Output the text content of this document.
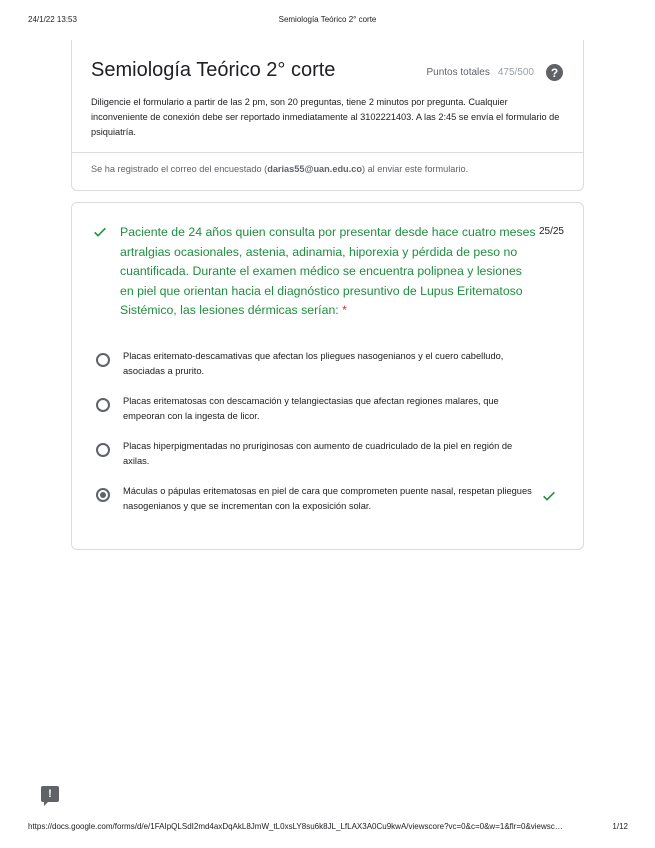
24/1/22 13:53	Semiología Teórico 2° corte
Semiología Teórico 2° corte	Puntos totales 475/500	?
Diligencie el formulario a partir de las 2 pm, son 20 preguntas, tiene 2 minutos por pregunta. Cualquier inconveniente de conexión debe ser reportado inmediatamente al 3102221403. A las 2:45 se envía el formulario de psiquiatría.
Se ha registrado el correo del encuestado (darias55@uan.edu.co) al enviar este formulario.
Paciente de 24 años quien consulta por presentar desde hace cuatro meses artralgias ocasionales, astenia, adinamia, hiporexia y pérdida de peso no cuantificada. Durante el examen médico se encuentra polipnea y lesiones en piel que orientan hacia el diagnóstico presuntivo de Lupus Eritematoso Sistémico, las lesiones dérmicas serían: *
25/25
Placas eritemato-descamativas que afectan los pliegues nasogenianos y el cuero cabelludo, asociadas a prurito.
Placas eritematosas con descamación y telangiectasias que afectan regiones malares, que empeoran con la ingesta de licor.
Placas hiperpigmentadas no pruriginosas con aumento de cuadriculado de la piel en región de axilas.
Máculas o pápulas eritematosas en piel de cara que comprometen puente nasal, respetan pliegues nasogenianos y que se incrementan con la exposición solar.
!
https://docs.google.com/forms/d/e/1FAIpQLSdI2md4axDqAkL8JmW_tL0xsLY8su6k8JL_LfLAX3A0Cu9kwA/viewscore?vc=0&c=0&w=1&flr=0&viewsc…	1/12
